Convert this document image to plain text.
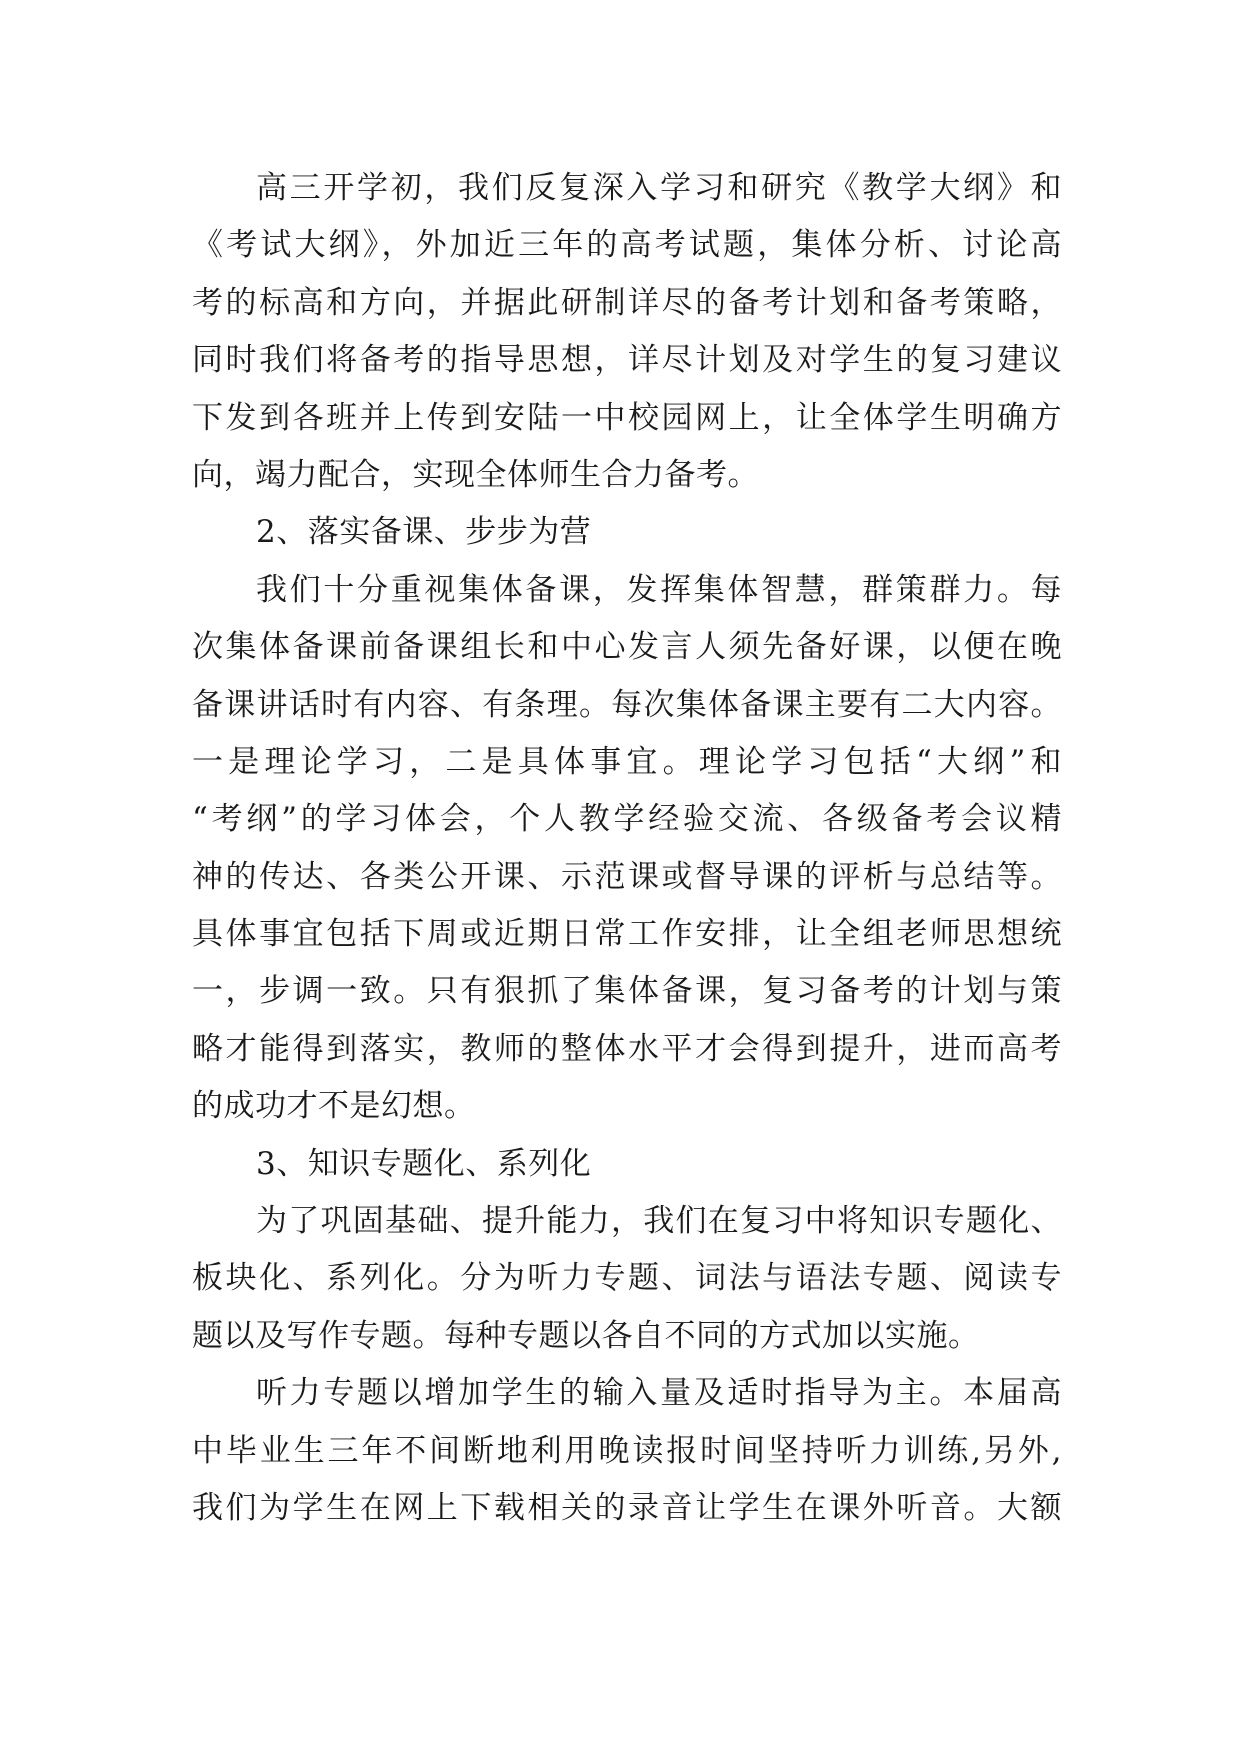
高三开学初，我们反复深入学习和研究《教学大纲》和
《考试大纲》，外加近三年的高考试题，集体分析、讨论高
考的标高和方向，并据此研制详尽的备考计划和备考策略，
同时我们将备考的指导思想，详尽计划及对学生的复习建议
下发到各班并上传到安陆一中校园网上，让全体学生明确方
向，竭力配合，实现全体师生合力备考。
2、落实备课、步步为营
我们十分重视集体备课，发挥集体智慧，群策群力。每
次集体备课前备课组长和中心发言人须先备好课，以便在晚
备课讲话时有内容、有条理。每次集体备课主要有二大内容。
一是理论学习，二是具体事宜。理论学习包括“大纲”和
“考纲”的学习体会，个人教学经验交流、各级备考会议精
神的传达、各类公开课、示范课或督导课的评析与总结等。
具体事宜包括下周或近期日常工作安排，让全组老师思想统
一，步调一致。只有狠抓了集体备课，复习备考的计划与策
略才能得到落实，教师的整体水平才会得到提升，进而高考
的成功才不是幻想。
3、知识专题化、系列化
为了巩固基础、提升能力，我们在复习中将知识专题化、
板块化、系列化。分为听力专题、词法与语法专题、阅读专
题以及写作专题。每种专题以各自不同的方式加以实施。
听力专题以增加学生的输入量及适时指导为主。本届高
中毕业生三年不间断地利用晚读报时间坚持听力训练,另外,
我们为学生在网上下载相关的录音让学生在课外听音。大额
